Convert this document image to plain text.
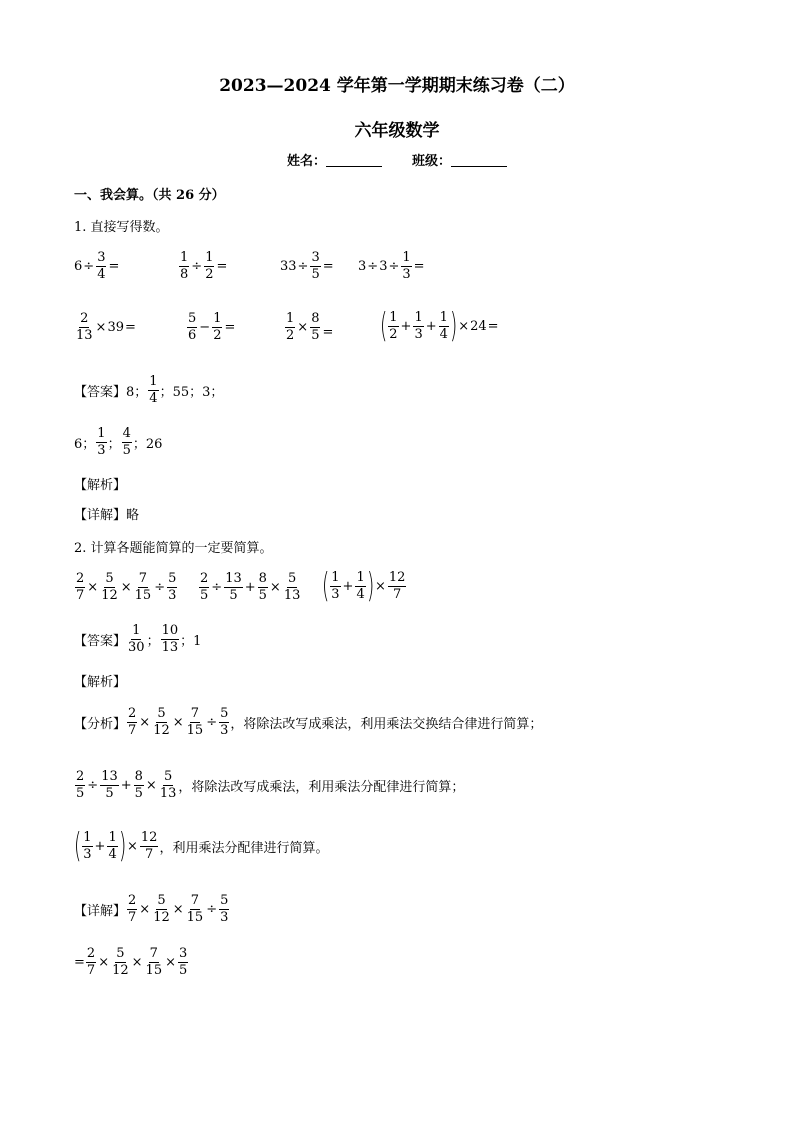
2023—2024 学年第一学期期末练习卷（二）
六年级数学
姓名：	班级：
一、我会算。（共 26 分）
1. 直接写得数。
$6 \div \frac{3}{4}$ =	$\frac{1}{8} \div \frac{1}{2}$ =	$33 \div \frac{3}{5} = 3 \div 3 \div \frac{1}{3}$ =
$\frac{2}{13} \times 39$ =	$\frac{5}{6} - \frac{1}{2}$ =	$\frac{1}{2} \times \frac{8}{5}$ = ( $\frac{1}{2} + \frac{1}{3} + \frac{1}{4}$ ) × 24 =
【答案】 8； $\frac{1}{4}$ ；55；3；
6； $\frac{1}{3}$ ； $\frac{4}{5}$ ；26
【解析】
【详解】 略
2. 计算各题能简算的一定要简算。
$\frac{2}{7} \times \frac{5}{12} \times \frac{7}{15} \div \frac{5}{3} \frac{2}{5} \div \frac{13}{5} + \frac{8}{5} \times \frac{5}{13}$ ( $\frac{1}{3} + \frac{1}{4}$ ) × $\frac{12}{7}$
【答案】 $\frac{1}{30}$ ； $\frac{10}{13}$ ；1
【解析】
【分析】 $\frac{2}{7} \times \frac{5}{12} \times \frac{7}{15} \div \frac{5}{3}$ ，将除法改写成乘法，利用乘法交换结合律进行简算；
$\frac{2}{5} \div \frac{13}{5} + \frac{8}{5} \times \frac{5}{13}$ ，将除法改写成乘法，利用乘法分配律进行简算；
( $\frac{1}{3} + \frac{1}{4}$ ) × $\frac{12}{7}$ ，利用乘法分配律进行简算。
【详解】 $\frac{2}{7} \times \frac{5}{12} \times \frac{7}{15} \div \frac{5}{3}$
= $\frac{2}{7} \times \frac{5}{12} \times \frac{7}{15} \times \frac{3}{5}$
